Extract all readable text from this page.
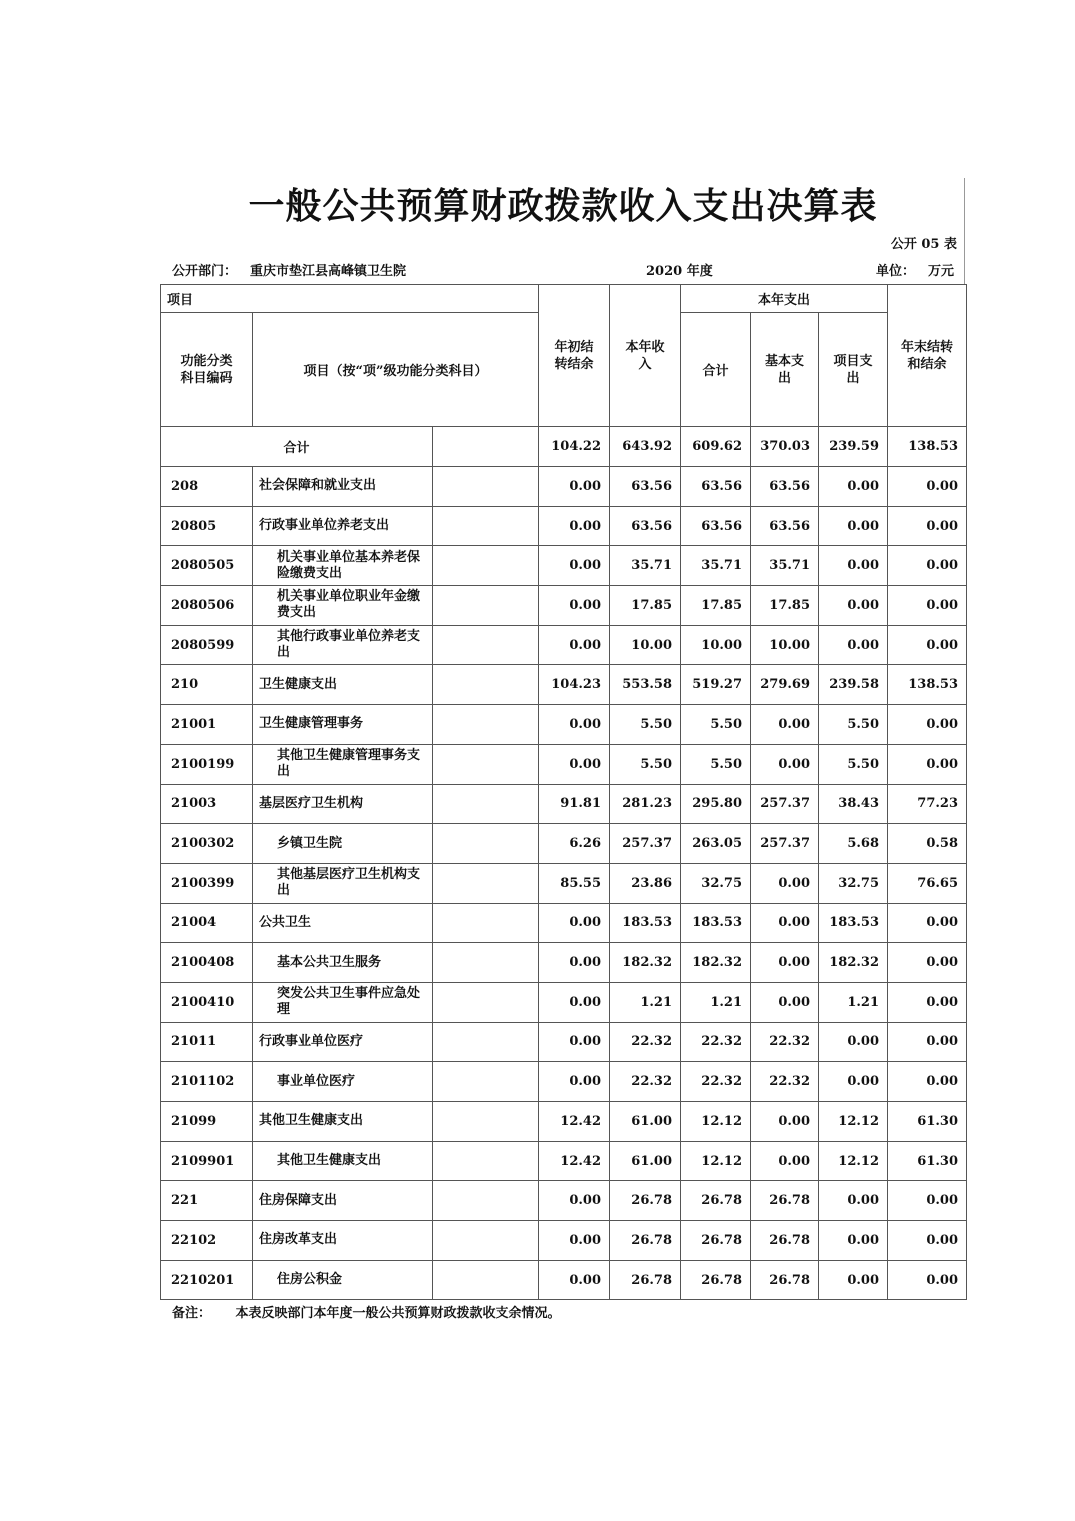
一般公共预算财政拨款收入支出决算表
公开 05 表
公开部门： 重庆市垫江县高峰镇卫生院	2020 年度	单位： 万元
项目			年初结转结余	本年收入	本年支出			年末结转和结余

功能分类科目编码	项目（按“项”级功能分类科目）				合计	基本支出	项目支出	

合计			104.22	643.92	609.62	370.03	239.59	138.53
208	社会保障和就业支出		0.00	63.56	63.56	63.56	0.00	0.00
20805	行政事业单位养老支出		0.00	63.56	63.56	63.56	0.00	0.00
2080505	机关事业单位基本养老保险缴费支出		0.00	35.71	35.71	35.71	0.00	0.00
2080506	机关事业单位职业年金缴费支出		0.00	17.85	17.85	17.85	0.00	0.00
2080599	其他行政事业单位养老支出		0.00	10.00	10.00	10.00	0.00	0.00
210	卫生健康支出		104.23	553.58	519.27	279.69	239.58	138.53
21001	卫生健康管理事务		0.00	5.50	5.50	0.00	5.50	0.00
2100199	其他卫生健康管理事务支出		0.00	5.50	5.50	0.00	5.50	0.00
21003	基层医疗卫生机构		91.81	281.23	295.80	257.37	38.43	77.23
2100302	乡镇卫生院		6.26	257.37	263.05	257.37	5.68	0.58
2100399	其他基层医疗卫生机构支出		85.55	23.86	32.75	0.00	32.75	76.65
21004	公共卫生		0.00	183.53	183.53	0.00	183.53	0.00
2100408	基本公共卫生服务		0.00	182.32	182.32	0.00	182.32	0.00
2100410	突发公共卫生事件应急处理		0.00	1.21	1.21	0.00	1.21	0.00
21011	行政事业单位医疗		0.00	22.32	22.32	22.32	0.00	0.00
2101102	事业单位医疗		0.00	22.32	22.32	22.32	0.00	0.00
21099	其他卫生健康支出		12.42	61.00	12.12	0.00	12.12	61.30
2109901	其他卫生健康支出		12.42	61.00	12.12	0.00	12.12	61.30
221	住房保障支出		0.00	26.78	26.78	26.78	0.00	0.00
22102	住房改革支出		0.00	26.78	26.78	26.78	0.00	0.00
2210201	住房公积金		0.00	26.78	26.78	26.78	0.00	0.00
备注： 本表反映部门本年度一般公共预算财政拨款收支余情况。
